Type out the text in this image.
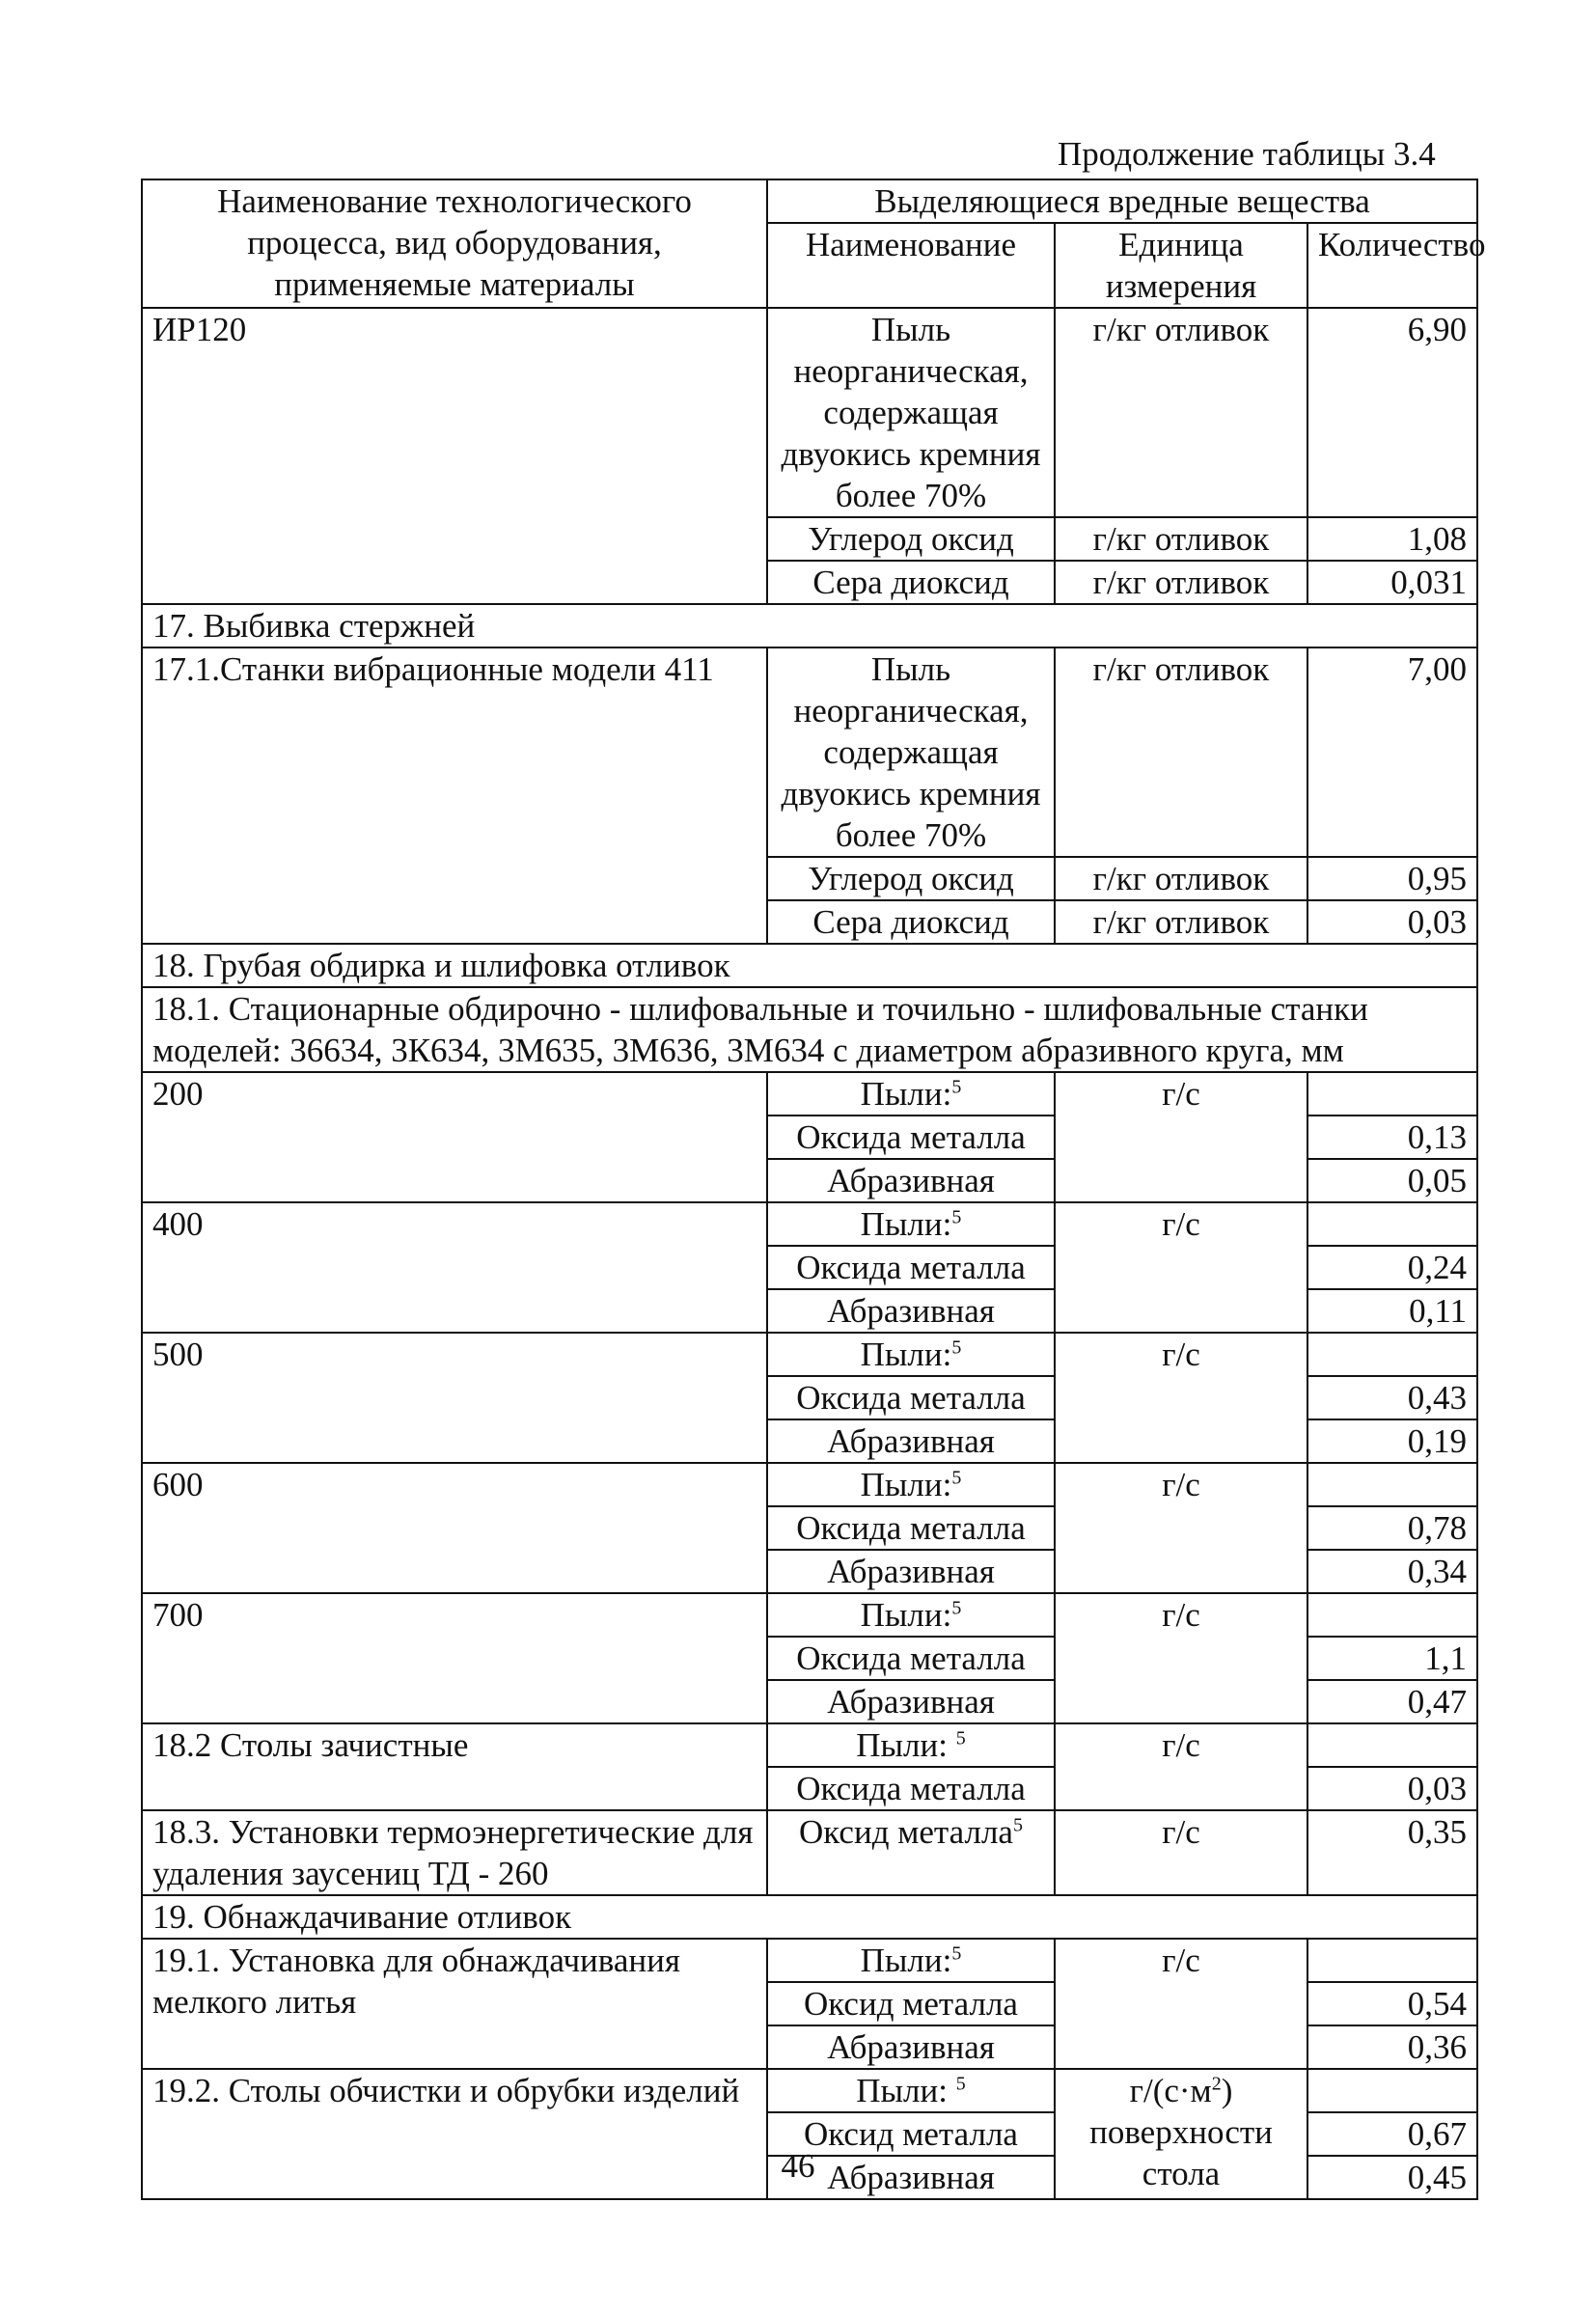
Продолжение таблицы 3.4
Наименование технологического процесса, вид оборудования, применяемые материалы	Выделяющиеся вредные вещества		
	Наименование	Единица измерения	Количество
ИР120	Пыль неорганическая, содержащая двуокись кремния более 70%	г/кг отливок	6,90
	Углерод оксид	г/кг отливок	1,08
	Сера диоксид	г/кг отливок	0,031
17. Выбивка стержней			
17.1.Станки вибрационные модели 411	Пыль неорганическая, содержащая двуокись кремния более 70%	г/кг отливок	7,00
	Углерод оксид	г/кг отливок	0,95
	Сера диоксид	г/кг отливок	0,03
18. Грубая обдирка и шлифовка отливок			
18.1. Стационарные обдирочно - шлифовальные и точильно - шлифовальные станки моделей: 36634, 3К634, 3М635, 3М636, 3М634 с диаметром абразивного круга, мм			
200	Пыли:$^5$	г/с	
	Оксида металла		0,13
	Абразивная		0,05
400	Пыли:$^5$	г/с	
	Оксида металла		0,24
	Абразивная		0,11
500	Пыли:$^5$	г/с	
	Оксида металла		0,43
	Абразивная		0,19
600	Пыли:$^5$	г/с	
	Оксида металла		0,78
	Абразивная		0,34
700	Пыли:$^5$	г/с	
	Оксида металла		1,1
	Абразивная		0,47
18.2 Столы зачистные	Пыли: $^5$	г/с	
	Оксида металла		0,03
18.3. Установки термоэнергетические для удаления заусениц ТД - 260	Оксид металла$^5$	г/с	0,35
19. Обнаждачивание отливок			
19.1. Установка для обнаждачивания мелкого литья	Пыли:$^5$	г/с	
	Оксид металла		0,54
	Абразивная		0,36
19.2. Столы обчистки и обрубки изделий	Пыли: $^5$	$г/(с\cdot м^2)$ поверхности стола	
	Оксид металла		0,67
	Абразивная		0,45
46
